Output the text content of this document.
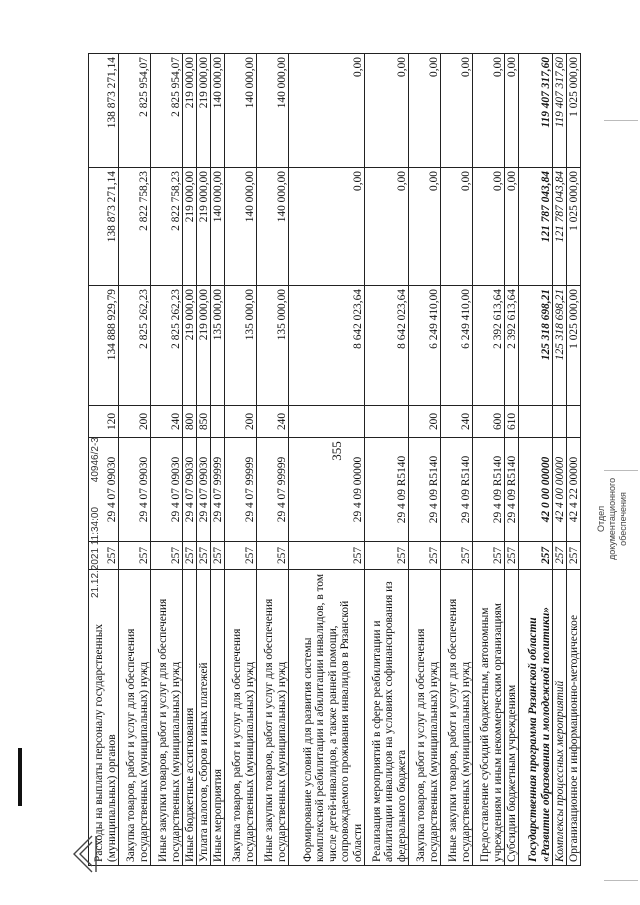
355
Расходы на выплаты персоналу государственных (муниципальных) органов	257	29 4 07 09030	120	134 888 929,79	138 873 271,14	138 873 271,14
Закупка товаров, работ и услуг для обеспечения государственных (муниципальных) нужд	257	29 4 07 09030	200	2 825 262,23	2 822 758,23	2 825 954,07
Иные закупки товаров, работ и услуг для обеспечения государственных (муниципальных) нужд	257	29 4 07 09030	240	2 825 262,23	2 822 758,23	2 825 954,07
Иные бюджетные ассигнования	257	29 4 07 09030	800	219 000,00	219 000,00	219 000,00
Уплата налогов, сборов и иных платежей	257	29 4 07 09030	850	219 000,00	219 000,00	219 000,00
Иные мероприятия	257	29 4 07 99999		135 000,00	140 000,00	140 000,00
Закупка товаров, работ и услуг для обеспечения государственных (муниципальных) нужд	257	29 4 07 99999	200	135 000,00	140 000,00	140 000,00
Иные закупки товаров, работ и услуг для обеспечения государственных (муниципальных) нужд	257	29 4 07 99999	240	135 000,00	140 000,00	140 000,00
Формирование условий для развития системы комплексной реабилитации и абилитации инвалидов, в том числе детей-инвалидов, а также ранней помощи, сопровождаемого проживания инвалидов в Рязанской области	257	29 4 09 00000		8 642 023,64	0,00	0,00
Реализация мероприятий в сфере реабилитации и абилитации инвалидов на условиях софинансирования из федерального бюджета	257	29 4 09 R5140		8 642 023,64	0,00	0,00
Закупка товаров, работ и услуг для обеспечения государственных (муниципальных) нужд	257	29 4 09 R5140	200	6 249 410,00	0,00	0,00
Иные закупки товаров, работ и услуг для обеспечения государственных (муниципальных) нужд	257	29 4 09 R5140	240	6 249 410,00	0,00	0,00
Предоставление субсидий бюджетным, автономным учреждениям и иным некоммерческим организациям	257	29 4 09 R5140	600	2 392 613,64	0,00	0,00
Субсидии бюджетным учреждениям	257	29 4 09 R5140	610	2 392 613,64	0,00	0,00
Государственная программа Рязанской области «Развитие образования и молодежной политики»	257	42 0 00 00000		125 318 698,21	121 787 043,84	119 407 317,60
Комплексы процессных мероприятий	257	42 4 00 00000		125 318 698,21	121 787 043,84	119 407 317,60
Организационное и информационно-методическое	257	42 4 22 00000		1 025 000,00	1 025 000,00	1 025 000,00
21.12.2021 11:34:00 40946/2-3
Отдел документационного обеспечения
